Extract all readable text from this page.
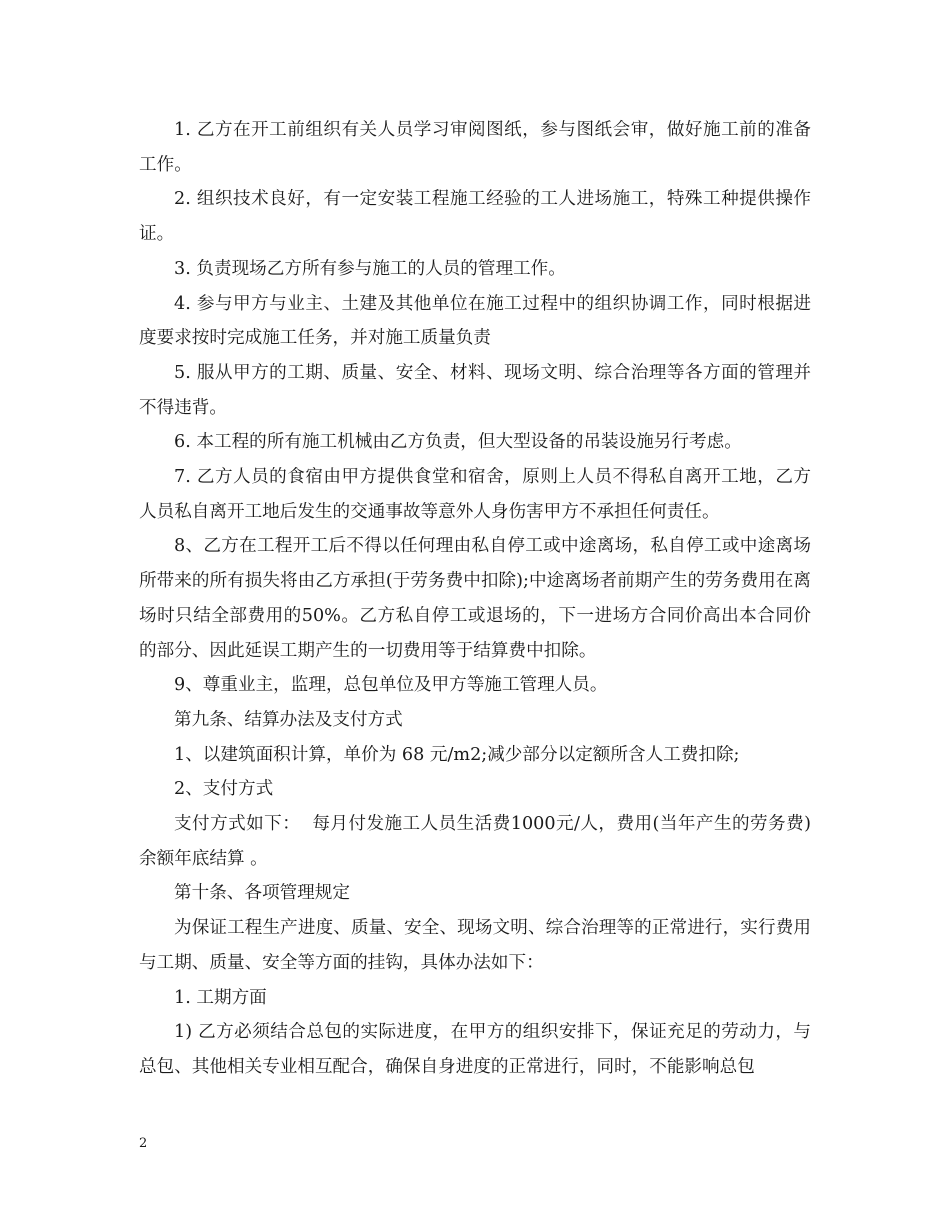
1. 乙方在开工前组织有关人员学习审阅图纸，参与图纸会审，做好施工前的准备工作。

2. 组织技术良好，有一定安装工程施工经验的工人进场施工，特殊工种提供操作证。

3. 负责现场乙方所有参与施工的人员的管理工作。

4. 参与甲方与业主、土建及其他单位在施工过程中的组织协调工作，同时根据进度要求按时完成施工任务，并对施工质量负责

5. 服从甲方的工期、质量、安全、材料、现场文明、综合治理等各方面的管理并不得违背。

6. 本工程的所有施工机械由乙方负责，但大型设备的吊装设施另行考虑。

7. 乙方人员的食宿由甲方提供食堂和宿舍，原则上人员不得私自离开工地，乙方人员私自离开工地后发生的交通事故等意外人身伤害甲方不承担任何责任。

8、乙方在工程开工后不得以任何理由私自停工或中途离场，私自停工或中途离场所带来的所有损失将由乙方承担(于劳务费中扣除);中途离场者前期产生的劳务费用在离场时只结全部费用的50%。乙方私自停工或退场的，下一进场方合同价高出本合同价的部分、因此延误工期产生的一切费用等于结算费中扣除。

9、尊重业主，监理，总包单位及甲方等施工管理人员。

第九条、结算办法及支付方式

1、以建筑面积计算，单价为 68 元/m2;减少部分以定额所含人工费扣除;

2、支付方式

支付方式如下：  每月付发施工人员生活费1000元/人，费用(当年产生的劳务费)余额年底结算 。

第十条、各项管理规定

为保证工程生产进度、质量、安全、现场文明、综合治理等的正常进行，实行费用与工期、质量、安全等方面的挂钩，具体办法如下：

1. 工期方面

1) 乙方必须结合总包的实际进度，在甲方的组织安排下，保证充足的劳动力，与总包、其他相关专业相互配合，确保自身进度的正常进行，同时，不能影响总包

2
